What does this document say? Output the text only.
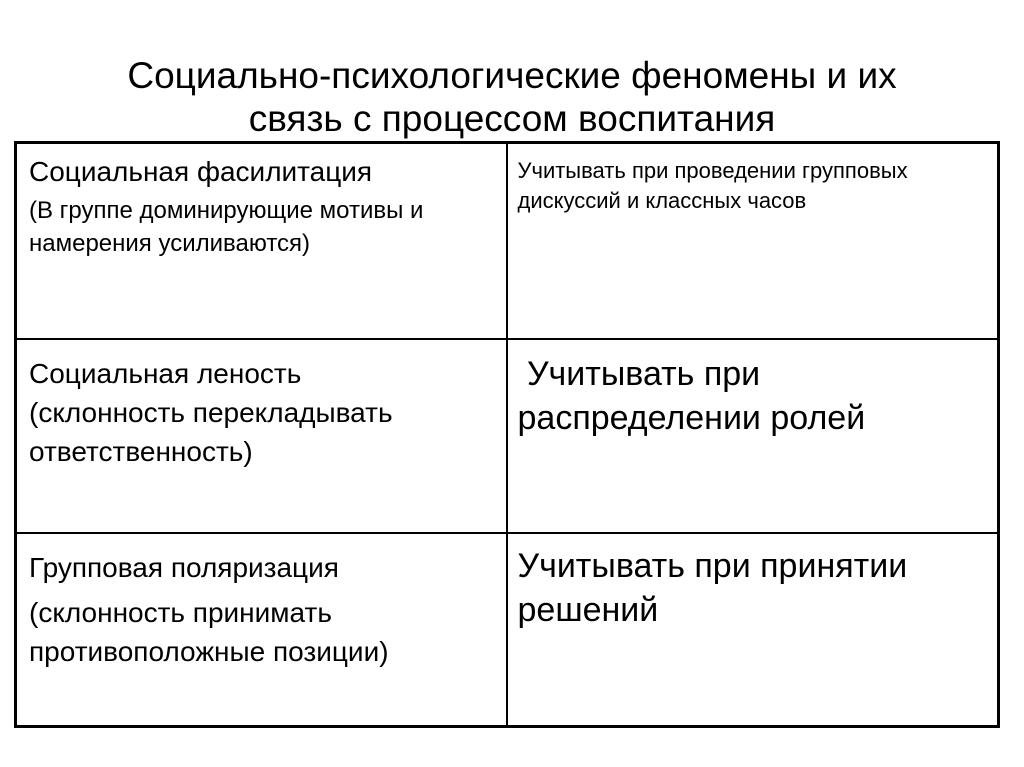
Социально-психологические феномены и их
связь с процессом воспитания
Социальная фасилитация
(В группе доминирующие мотивы и намерения усиливаются)	Учитывать при проведении групповых дискуссий и классных часов

Социальная леность
(склонность перекладывать ответственность)	Учитывать при распределении ролей

Групповая поляризация
(склонность принимать противоположные позиции)	Учитывать при принятии решений
